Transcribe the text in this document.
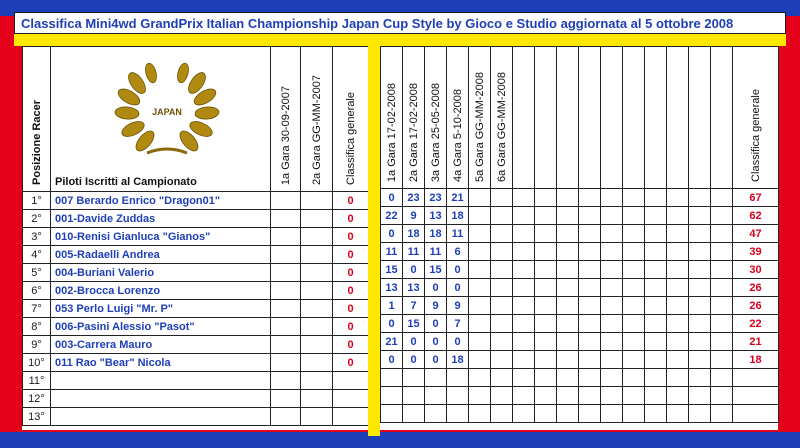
Classifica Mini4wd GrandPrix Italian Championship Japan Cup Style by Gioco e Studio aggiornata al 5 ottobre 2008
Posizione Racer	JAPAN
Piloti Iscritti al Campionato	1a Gara 30-09-2007	2a Gara GG-MM-2007	Classifica generale

1°	007 Berardo Enrico "Dragon01"			0
2°	001-Davide Zuddas			0
3°	010-Renisi Gianluca "Gianos"			0
4°	005-Radaelli Andrea			0
5°	004-Buriani Valerio			0
6°	002-Brocca Lorenzo			0
7°	053 Perlo Luigi "Mr. P"			0
8°	006-Pasini Alessio "Pasot"			0
9°	003-Carrera Mauro			0
10°	011 Rao "Bear" Nicola			0
11°				
12°				
13°				
1a Gara 17-02-2008	2a Gara 17-02-2008	3a Gara 25-05-2008	4a Gara 5-10-2008	5a Gara GG-MM-2008	6a Gara GG-MM-2008											Classifica generale

0	23	23	21													67
22	9	13	18													62
0	18	18	11													47
11	11	11	6													39
15	0	15	0													30
13	13	0	0													26
1	7	9	9													26
0	15	0	7													22
21	0	0	0													21
0	0	0	18													18
